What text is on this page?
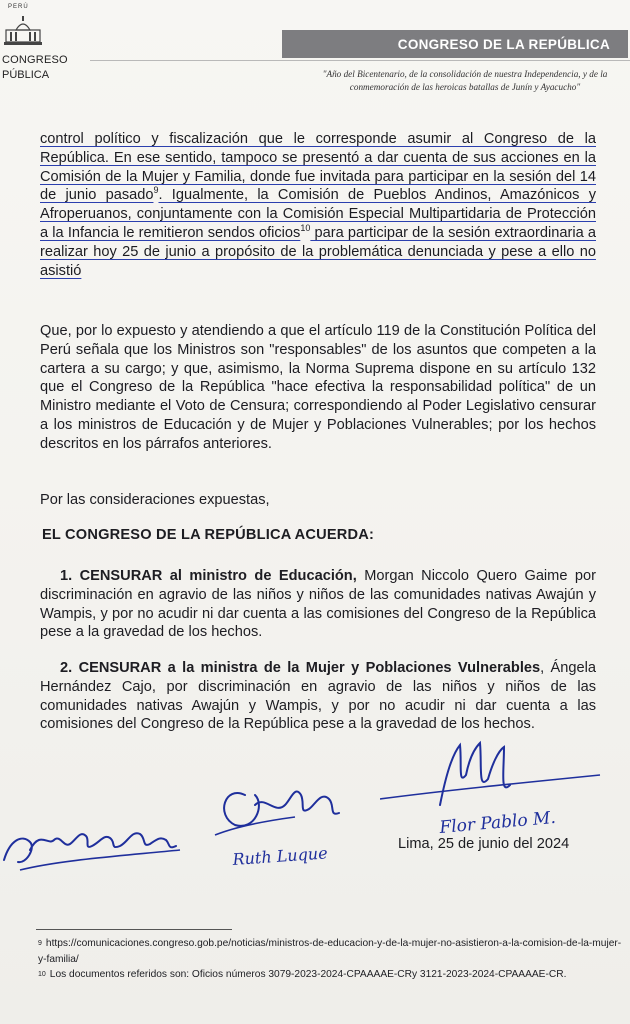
PERÚ
CONGRESO
PÚBLICA
CONGRESO DE LA REPÚBLICA
"Año del Bicentenario, de la consolidación de nuestra Independencia, y de la conmemoración de las heroicas batallas de Junín y Ayacucho"
control político y fiscalización que le corresponde asumir al Congreso de la República. En ese sentido, tampoco se presentó a dar cuenta de sus acciones en la Comisión de la Mujer y Familia, donde fue invitada para participar en la sesión del 14 de junio pasado$^9$. Igualmente, la Comisión de Pueblos Andinos, Amazónicos y Afroperuanos, conjuntamente con la Comisión Especial Multipartidaria de Protección a la Infancia le remitieron sendos oficios$^{10}$ para participar de la sesión extraordinaria a realizar hoy 25 de junio a propósito de la problemática denunciada y pese a ello no asistió
Que, por lo expuesto y atendiendo a que el artículo 119 de la Constitución Política del Perú señala que los Ministros son "responsables" de los asuntos que competen a la cartera a su cargo; y que, asimismo, la Norma Suprema dispone en su artículo 132 que el Congreso de la República "hace efectiva la responsabilidad política" de un Ministro mediante el Voto de Censura; correspondiendo al Poder Legislativo censurar a los ministros de Educación y de Mujer y Poblaciones Vulnerables; por los hechos descritos en los párrafos anteriores.
Por las consideraciones expuestas,
EL CONGRESO DE LA REPÚBLICA ACUERDA:
1. CENSURAR al ministro de Educación, Morgan Niccolo Quero Gaime por discriminación en agravio de las niños y niños de las comunidades nativas Awajún y Wampis, y por no acudir ni dar cuenta a las comisiones del Congreso de la República pese a la gravedad de los hechos.
2. CENSURAR a la ministra de la Mujer y Poblaciones Vulnerables, Ángela Hernández Cajo, por discriminación en agravio de las niños y niños de las comunidades nativas Awajún y Wampis, y por no acudir ni dar cuenta a las comisiones del Congreso de la República pese a la gravedad de los hechos.
Ruth Luque
Flor Pablo M.
Lima, 25 de junio del 2024
$^9$ https://comunicaciones.congreso.gob.pe/noticias/ministros-de-educacion-y-de-la-mujer-no-asistieron-a-la-comision-de-la-mujer-y-familia/
$^{10}$ Los documentos referidos son: Oficios números 3079-2023-2024-CPAAAAE-CRy 3121-2023-2024-CPAAAAE-CR.
